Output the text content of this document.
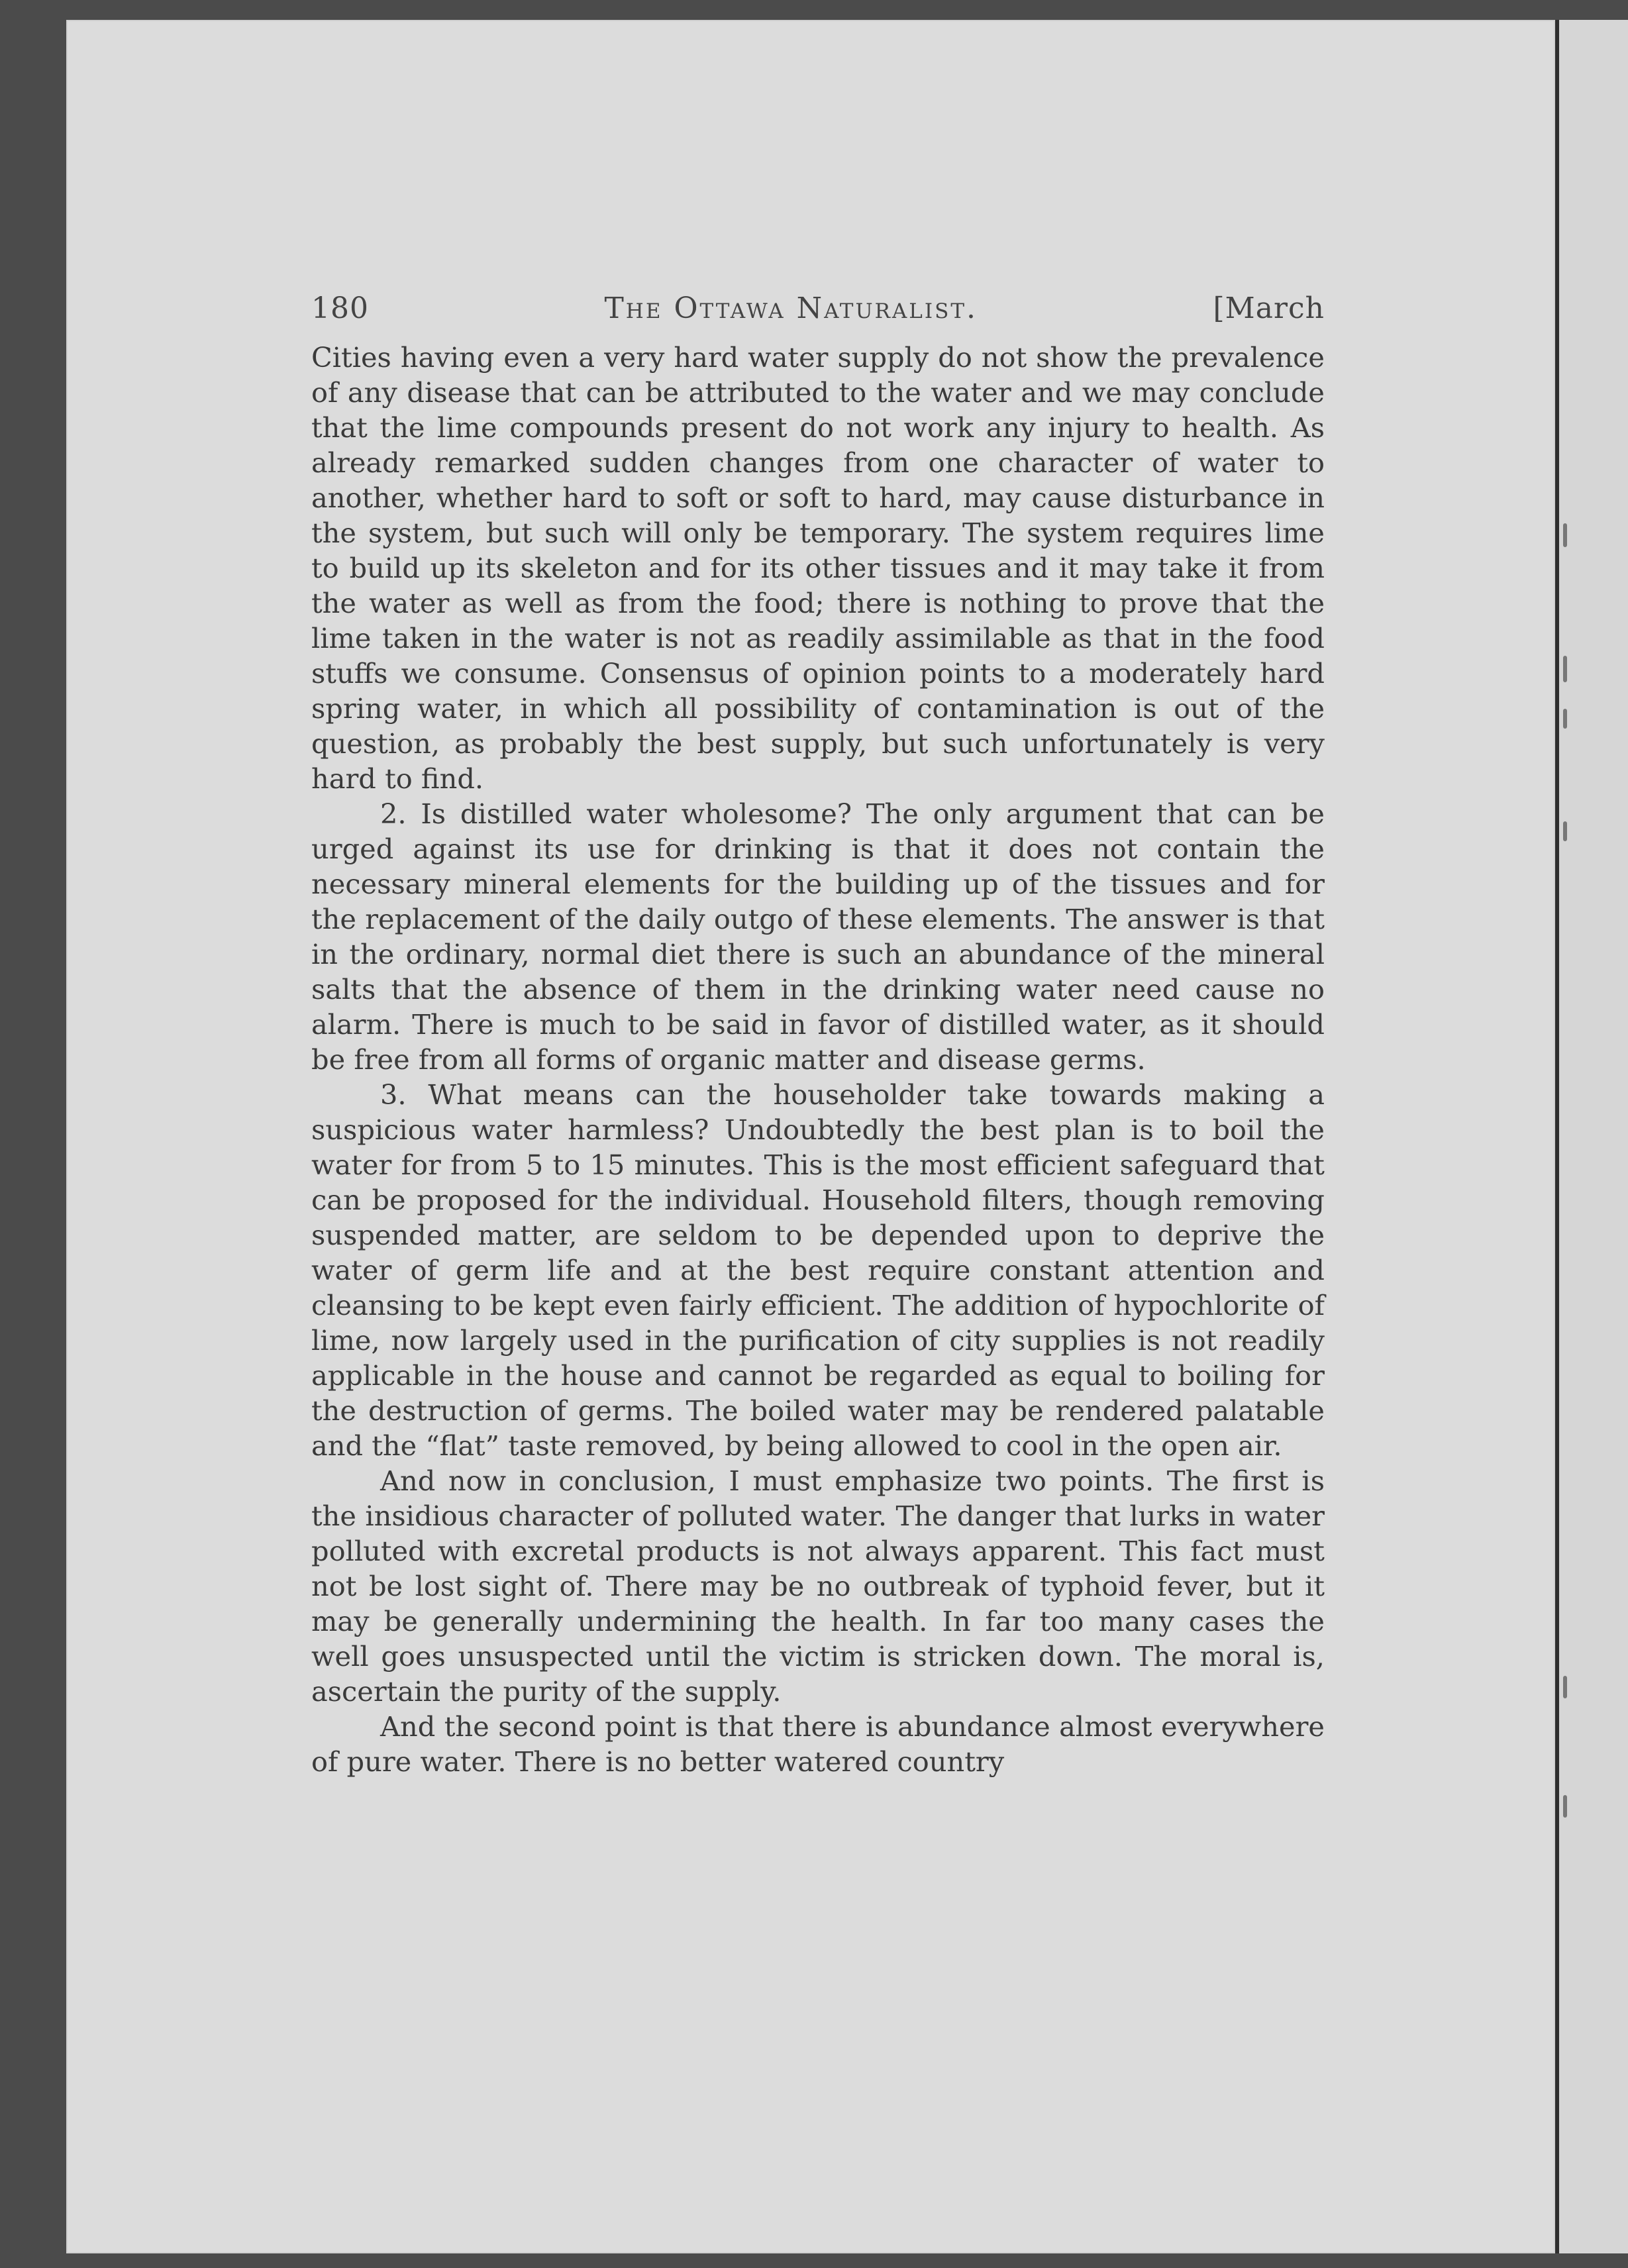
180	The Ottawa Naturalist.	[March

Cities having even a very hard water supply do not show the prevalence of any disease that can be attributed to the water and we may conclude that the lime compounds present do not work any injury to health. As already remarked sudden changes from one character of water to another, whether hard to soft or soft to hard, may cause disturbance in the system, but such will only be temporary. The system requires lime to build up its skeleton and for its other tissues and it may take it from the water as well as from the food; there is nothing to prove that the lime taken in the water is not as readily assimilable as that in the food stuffs we consume. Consensus of opinion points to a moderately hard spring water, in which all possibility of contamination is out of the question, as probably the best supply, but such unfortunately is very hard to find.

2. Is distilled water wholesome? The only argument that can be urged against its use for drinking is that it does not contain the necessary mineral elements for the building up of the tissues and for the replacement of the daily outgo of these elements. The answer is that in the ordinary, normal diet there is such an abundance of the mineral salts that the absence of them in the drinking water need cause no alarm. There is much to be said in favor of distilled water, as it should be free from all forms of organic matter and disease germs.

3. What means can the householder take towards making a suspicious water harmless? Undoubtedly the best plan is to boil the water for from 5 to 15 minutes. This is the most efficient safeguard that can be proposed for the individual. Household filters, though removing suspended matter, are seldom to be depended upon to deprive the water of germ life and at the best require constant attention and cleansing to be kept even fairly efficient. The addition of hypochlorite of lime, now largely used in the purification of city supplies is not readily applicable in the house and cannot be regarded as equal to boiling for the destruction of germs. The boiled water may be rendered palatable and the “flat” taste removed, by being allowed to cool in the open air.

And now in conclusion, I must emphasize two points. The first is the insidious character of polluted water. The danger that lurks in water polluted with excretal products is not always apparent. This fact must not be lost sight of. There may be no outbreak of typhoid fever, but it may be generally undermining the health. In far too many cases the well goes unsuspected until the victim is stricken down. The moral is, ascertain the purity of the supply.

And the second point is that there is abundance almost everywhere of pure water. There is no better watered country
